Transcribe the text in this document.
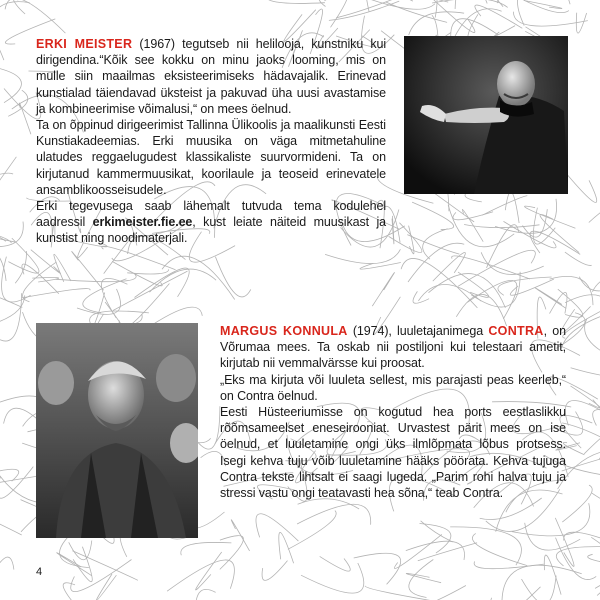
ERKI MEISTER (1967) tegutseb nii helilooja, kunstniku kui dirigendina.“Kõik see kokku on minu jaoks looming, mis on mulle siin maailmas eksisteerimiseks hädavajalik. Erinevad kunstialad täiendavad üksteist ja pakuvad üha uusi avastamise ja kombineerimise võimalusi,“ on mees öelnud.

Ta on õppinud dirigeerimist Tallinna Ülikoolis ja maalikunsti Eesti Kunstiakadeemias. Erki muusika on väga mitmetahuline ulatudes reggaelugudest klassikaliste suurvormideni. Ta on kirjutanud kammermuusikat, koorilaule ja teoseid erinevatele ansamblikoosseisudele.

Erki tegevusega saab lähemalt tutvuda tema kodulehel aadressil erkimeister.fie.ee, kust leiate näiteid muusikast ja kunstist ning noodimaterjali.

MARGUS KONNULA (1974), luuletajanimega CONTRA, on Võrumaa mees. Ta oskab nii postiljoni kui telestaari ametit, kirjutab nii vemmalvärsse kui proosat.

„Eks ma kirjuta või luuleta sellest, mis parajasti peas keerleb,“ on Contra öelnud.

Eesti Hüsteeriumisse on kogutud hea ports eestlaslikku rõõmsameelset eneseirooniat. Urvastest pärit mees on ise öelnud, et luuletamine ongi üks ilmlõpmata lõbus protsess. Isegi kehva tuju võib luuletamine hääks pöörata. Kehva tujuga Contra tekste lihtsalt ei saagi lugeda. „Parim rohi halva tuju ja stressi vastu ongi teatavasti hea sõna,“ teab Contra.

4
